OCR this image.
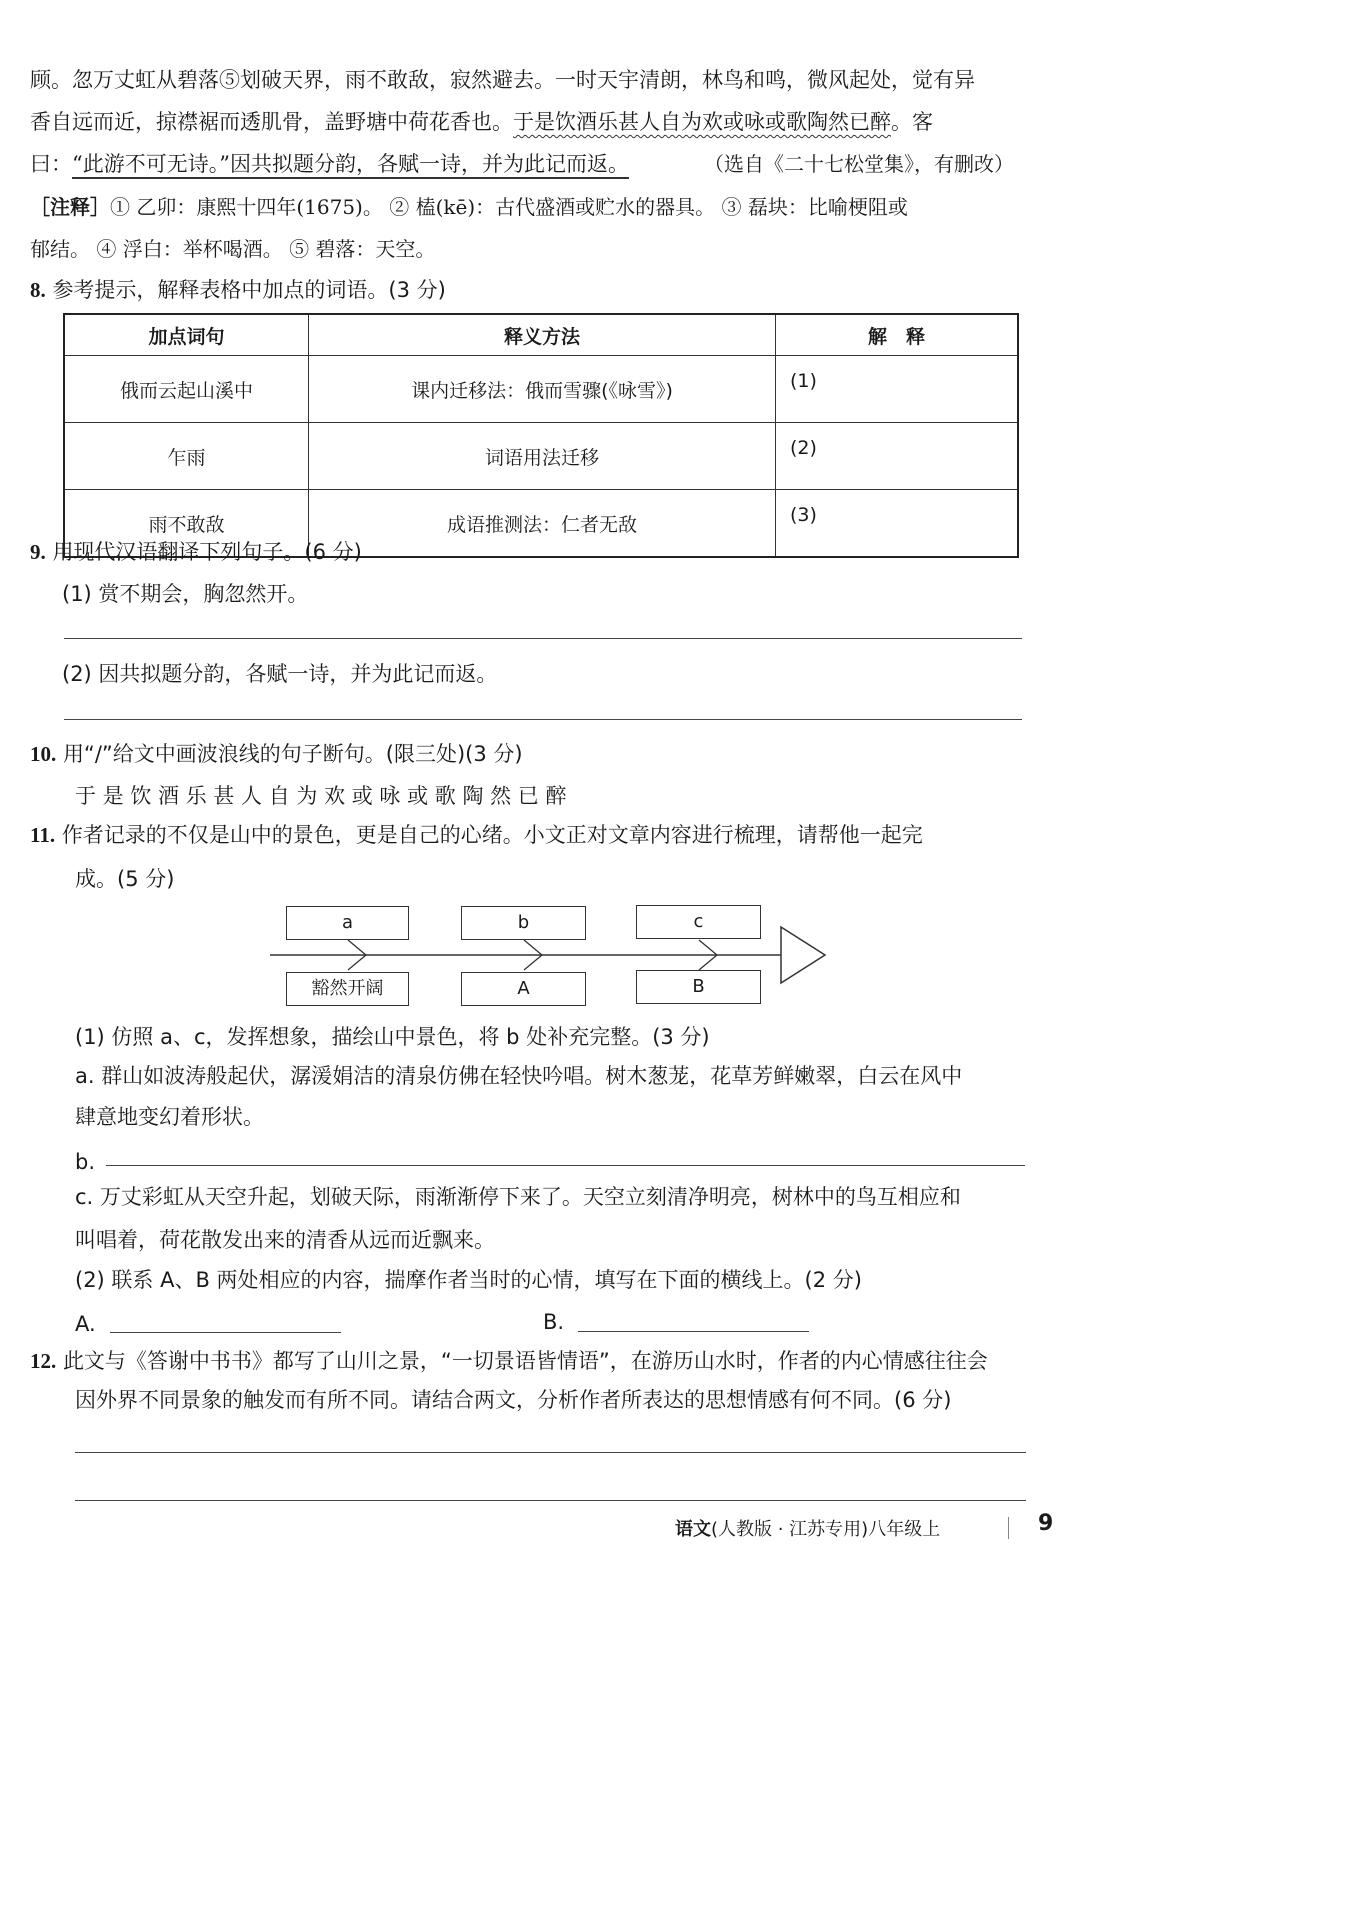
顾。忽万丈虹从碧落⑤划破天界，雨不敢敌，寂然避去。一时天宇清朗，林鸟和鸣，微风起处，觉有异
香自远而近，掠襟裾而透肌骨，盖野塘中荷花香也。于是饮酒乐甚人自为欢或咏或歌陶然已醉。客
曰：“此游不可无诗。”因共拟题分韵，各赋一诗，并为此记而返。	（选自《二十七松堂集》，有删改）
［注释］① 乙卯：康熙十四年(1675)。 ② 榼(kē)：古代盛酒或贮水的器具。 ③ 磊块：比喻梗阻或
郁结。 ④ 浮白：举杯喝酒。 ⑤ 碧落：天空。
8. 参考提示，解释表格中加点的词语。(3 分)
加点词句	释义方法	解　释
俄而云起山溪中	课内迁移法：俄而雪骤(《咏雪》)	(1)
乍雨	词语用法迁移	(2)
雨不敢敌	成语推测法：仁者无敌	(3)
9. 用现代汉语翻译下列句子。(6 分)
(1) 赏不期会，胸忽然开。
(2) 因共拟题分韵，各赋一诗，并为此记而返。
10. 用“/”给文中画波浪线的句子断句。(限三处)(3 分)
于 是 饮 酒 乐 甚 人 自 为 欢 或 咏 或 歌 陶 然 已 醉
11. 作者记录的不仅是山中的景色，更是自己的心绪。小文正对文章内容进行梳理，请帮他一起完
成。(5 分)
a	b	c
豁然开阔	A	B
(1) 仿照 a、c，发挥想象，描绘山中景色，将 b 处补充完整。(3 分)
a. 群山如波涛般起伏，潺湲娟洁的清泉仿佛在轻快吟唱。树木葱茏，花草芳鲜嫩翠，白云在风中
肆意地变幻着形状。
b.
c. 万丈彩虹从天空升起，划破天际，雨渐渐停下来了。天空立刻清净明亮，树林中的鸟互相应和
叫唱着，荷花散发出来的清香从远而近飘来。
(2) 联系 A、B 两处相应的内容，揣摩作者当时的心情，填写在下面的横线上。(2 分)
A.	B.
12. 此文与《答谢中书书》都写了山川之景，“一切景语皆情语”，在游历山水时，作者的内心情感往往会
因外界不同景象的触发而有所不同。请结合两文，分析作者所表达的思想情感有何不同。(6 分)
语文(人教版 · 江苏专用)八年级上	9
